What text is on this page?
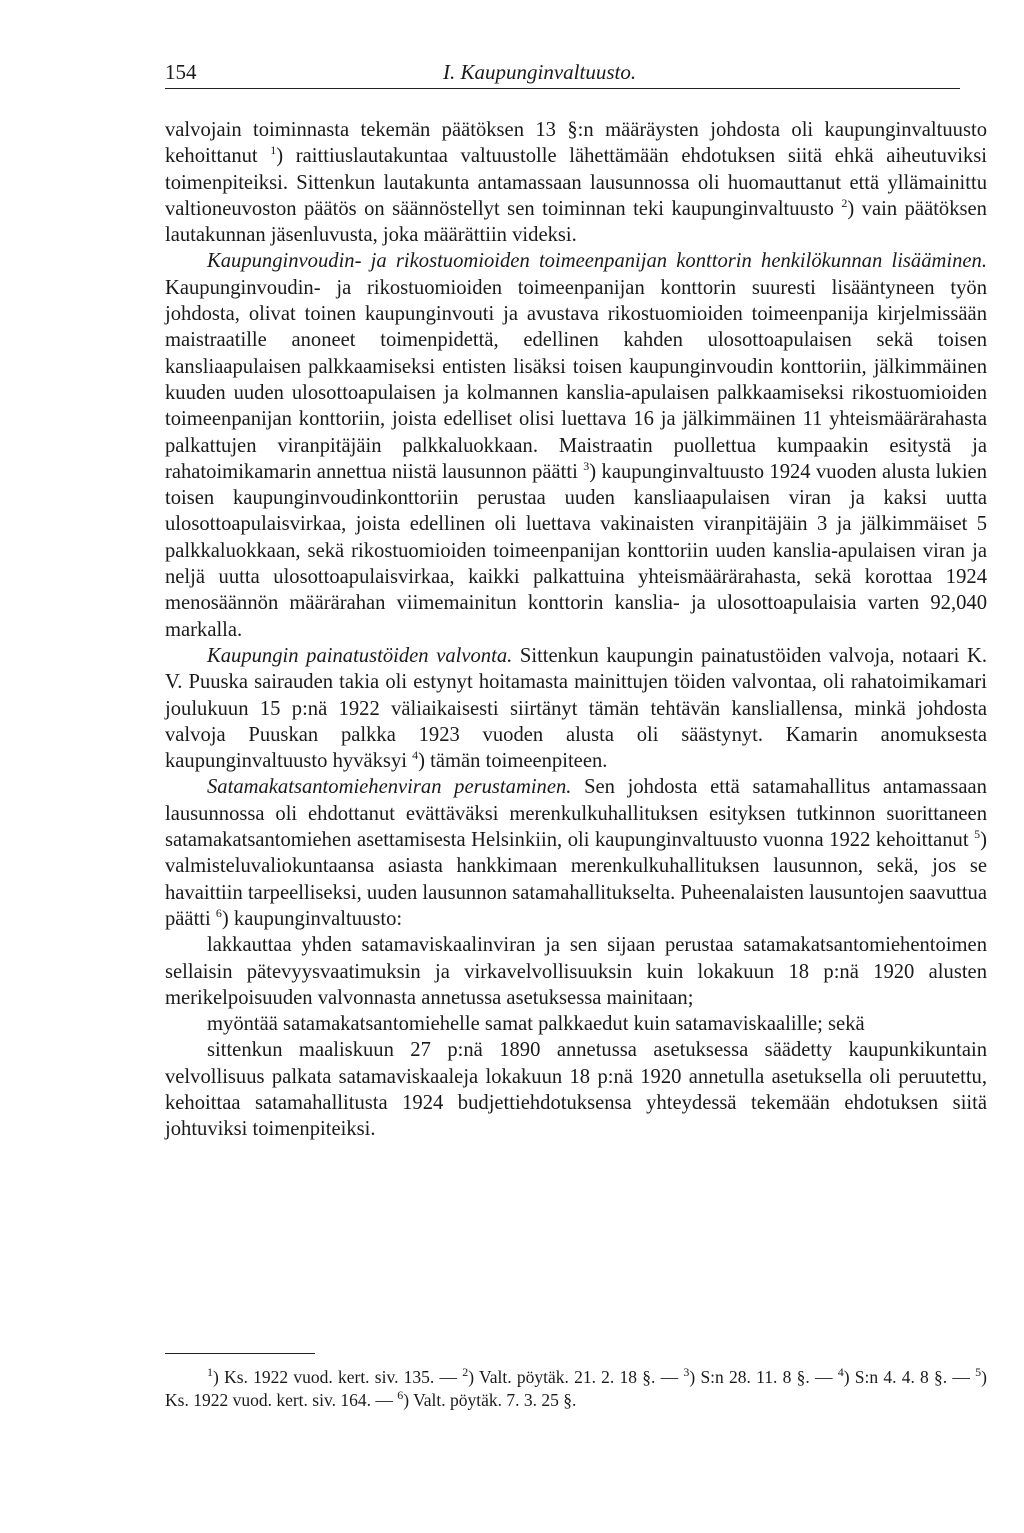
154	I. Kaupunginvaltuusto.

valvojain toiminnasta tekemän päätöksen 13 §:n määräysten johdosta oli kaupunginvaltuusto kehoittanut $^1$) raittiuslautakuntaa valtuustolle lähettämään ehdotuksen siitä ehkä aiheutuviksi toimenpiteiksi. Sittenkun lautakunta antamassaan lausunnossa oli huomauttanut että yllämainittu valtioneuvoston päätös on säännöstellyt sen toiminnan teki kaupunginvaltuusto $^2$) vain päätöksen lautakunnan jäsenluvusta, joka määrättiin videksi.

Kaupunginvoudin- ja rikostuomioiden toimeenpanijan konttorin henkilökunnan lisääminen. Kaupunginvoudin- ja rikostuomioiden toimeenpanijan konttorin suuresti lisääntyneen työn johdosta, olivat toinen kaupunginvouti ja avustava rikostuomioiden toimeenpanija kirjelmissään maistraatille anoneet toimenpidettä, edellinen kahden ulosottoapulaisen sekä toisen kansliaapulaisen palkkaamiseksi entisten lisäksi toisen kaupunginvoudin konttoriin, jälkimmäinen kuuden uuden ulosottoapulaisen ja kolmannen kanslia-apulaisen palkkaamiseksi rikostuomioiden toimeenpanijan konttoriin, joista edelliset olisi luettava 16 ja jälkimmäinen 11 yhteismäärärahasta palkattujen viranpitäjäin palkkaluokkaan. Maistraatin puollettua kumpaakin esitystä ja rahatoimikamarin annettua niistä lausunnon päätti $^3$) kaupunginvaltuusto 1924 vuoden alusta lukien toisen kaupunginvoudinkonttoriin perustaa uuden kansliaapulaisen viran ja kaksi uutta ulosottoapulaisvirkaa, joista edellinen oli luettava vakinaisten viranpitäjäin 3 ja jälkimmäiset 5 palkkaluokkaan, sekä rikostuomioiden toimeenpanijan konttoriin uuden kanslia-apulaisen viran ja neljä uutta ulosottoapulaisvirkaa, kaikki palkattuina yhteismäärärahasta, sekä korottaa 1924 menosäännön määrärahan viimemainitun konttorin kanslia- ja ulosottoapulaisia varten 92,040 markalla.

Kaupungin painatustöiden valvonta. Sittenkun kaupungin painatustöiden valvoja, notaari K. V. Puuska sairauden takia oli estynyt hoitamasta mainittujen töiden valvontaa, oli rahatoimikamari joulukuun 15 p:nä 1922 väliaikaisesti siirtänyt tämän tehtävän kansliallensa, minkä johdosta valvoja Puuskan palkka 1923 vuoden alusta oli säästynyt. Kamarin anomuksesta kaupunginvaltuusto hyväksyi $^4$) tämän toimeenpiteen.

Satamakatsantomiehenviran perustaminen. Sen johdosta että satamahallitus antamassaan lausunnossa oli ehdottanut evättäväksi merenkulkuhallituksen esityksen tutkinnon suorittaneen satamakatsantomiehen asettamisesta Helsinkiin, oli kaupunginvaltuusto vuonna 1922 kehoittanut $^5$) valmisteluvaliokuntaansa asiasta hankkimaan merenkulkuhallituksen lausunnon, sekä, jos se havaittiin tarpeelliseksi, uuden lausunnon satamahallitukselta. Puheenalaisten lausuntojen saavuttua päätti $^6$) kaupunginvaltuusto:

lakkauttaa yhden satamaviskaalinviran ja sen sijaan perustaa satamakatsantomiehentoimen sellaisin pätevyysvaatimuksin ja virkavelvollisuuksin kuin lokakuun 18 p:nä 1920 alusten merikelpoisuuden valvonnasta annetussa asetuksessa mainitaan;

myöntää satamakatsantomiehelle samat palkkaedut kuin satamaviskaalille; sekä

sittenkun maaliskuun 27 p:nä 1890 annetussa asetuksessa säädetty kaupunkikuntain velvollisuus palkata satamaviskaaleja lokakuun 18 p:nä 1920 annetulla asetuksella oli peruutettu, kehoittaa satamahallitusta 1924 budjettiehdotuksensa yhteydessä tekemään ehdotuksen siitä johtuviksi toimenpiteiksi.

$^1$) Ks. 1922 vuod. kert. siv. 135. — $^2$) Valt. pöytäk. 21. 2. 18 §. — $^3$) S:n 28. 11. 8 §. — $^4$) S:n 4. 4. 8 §. — $^5$) Ks. 1922 vuod. kert. siv. 164. — $^6$) Valt. pöytäk. 7. 3. 25 §.
